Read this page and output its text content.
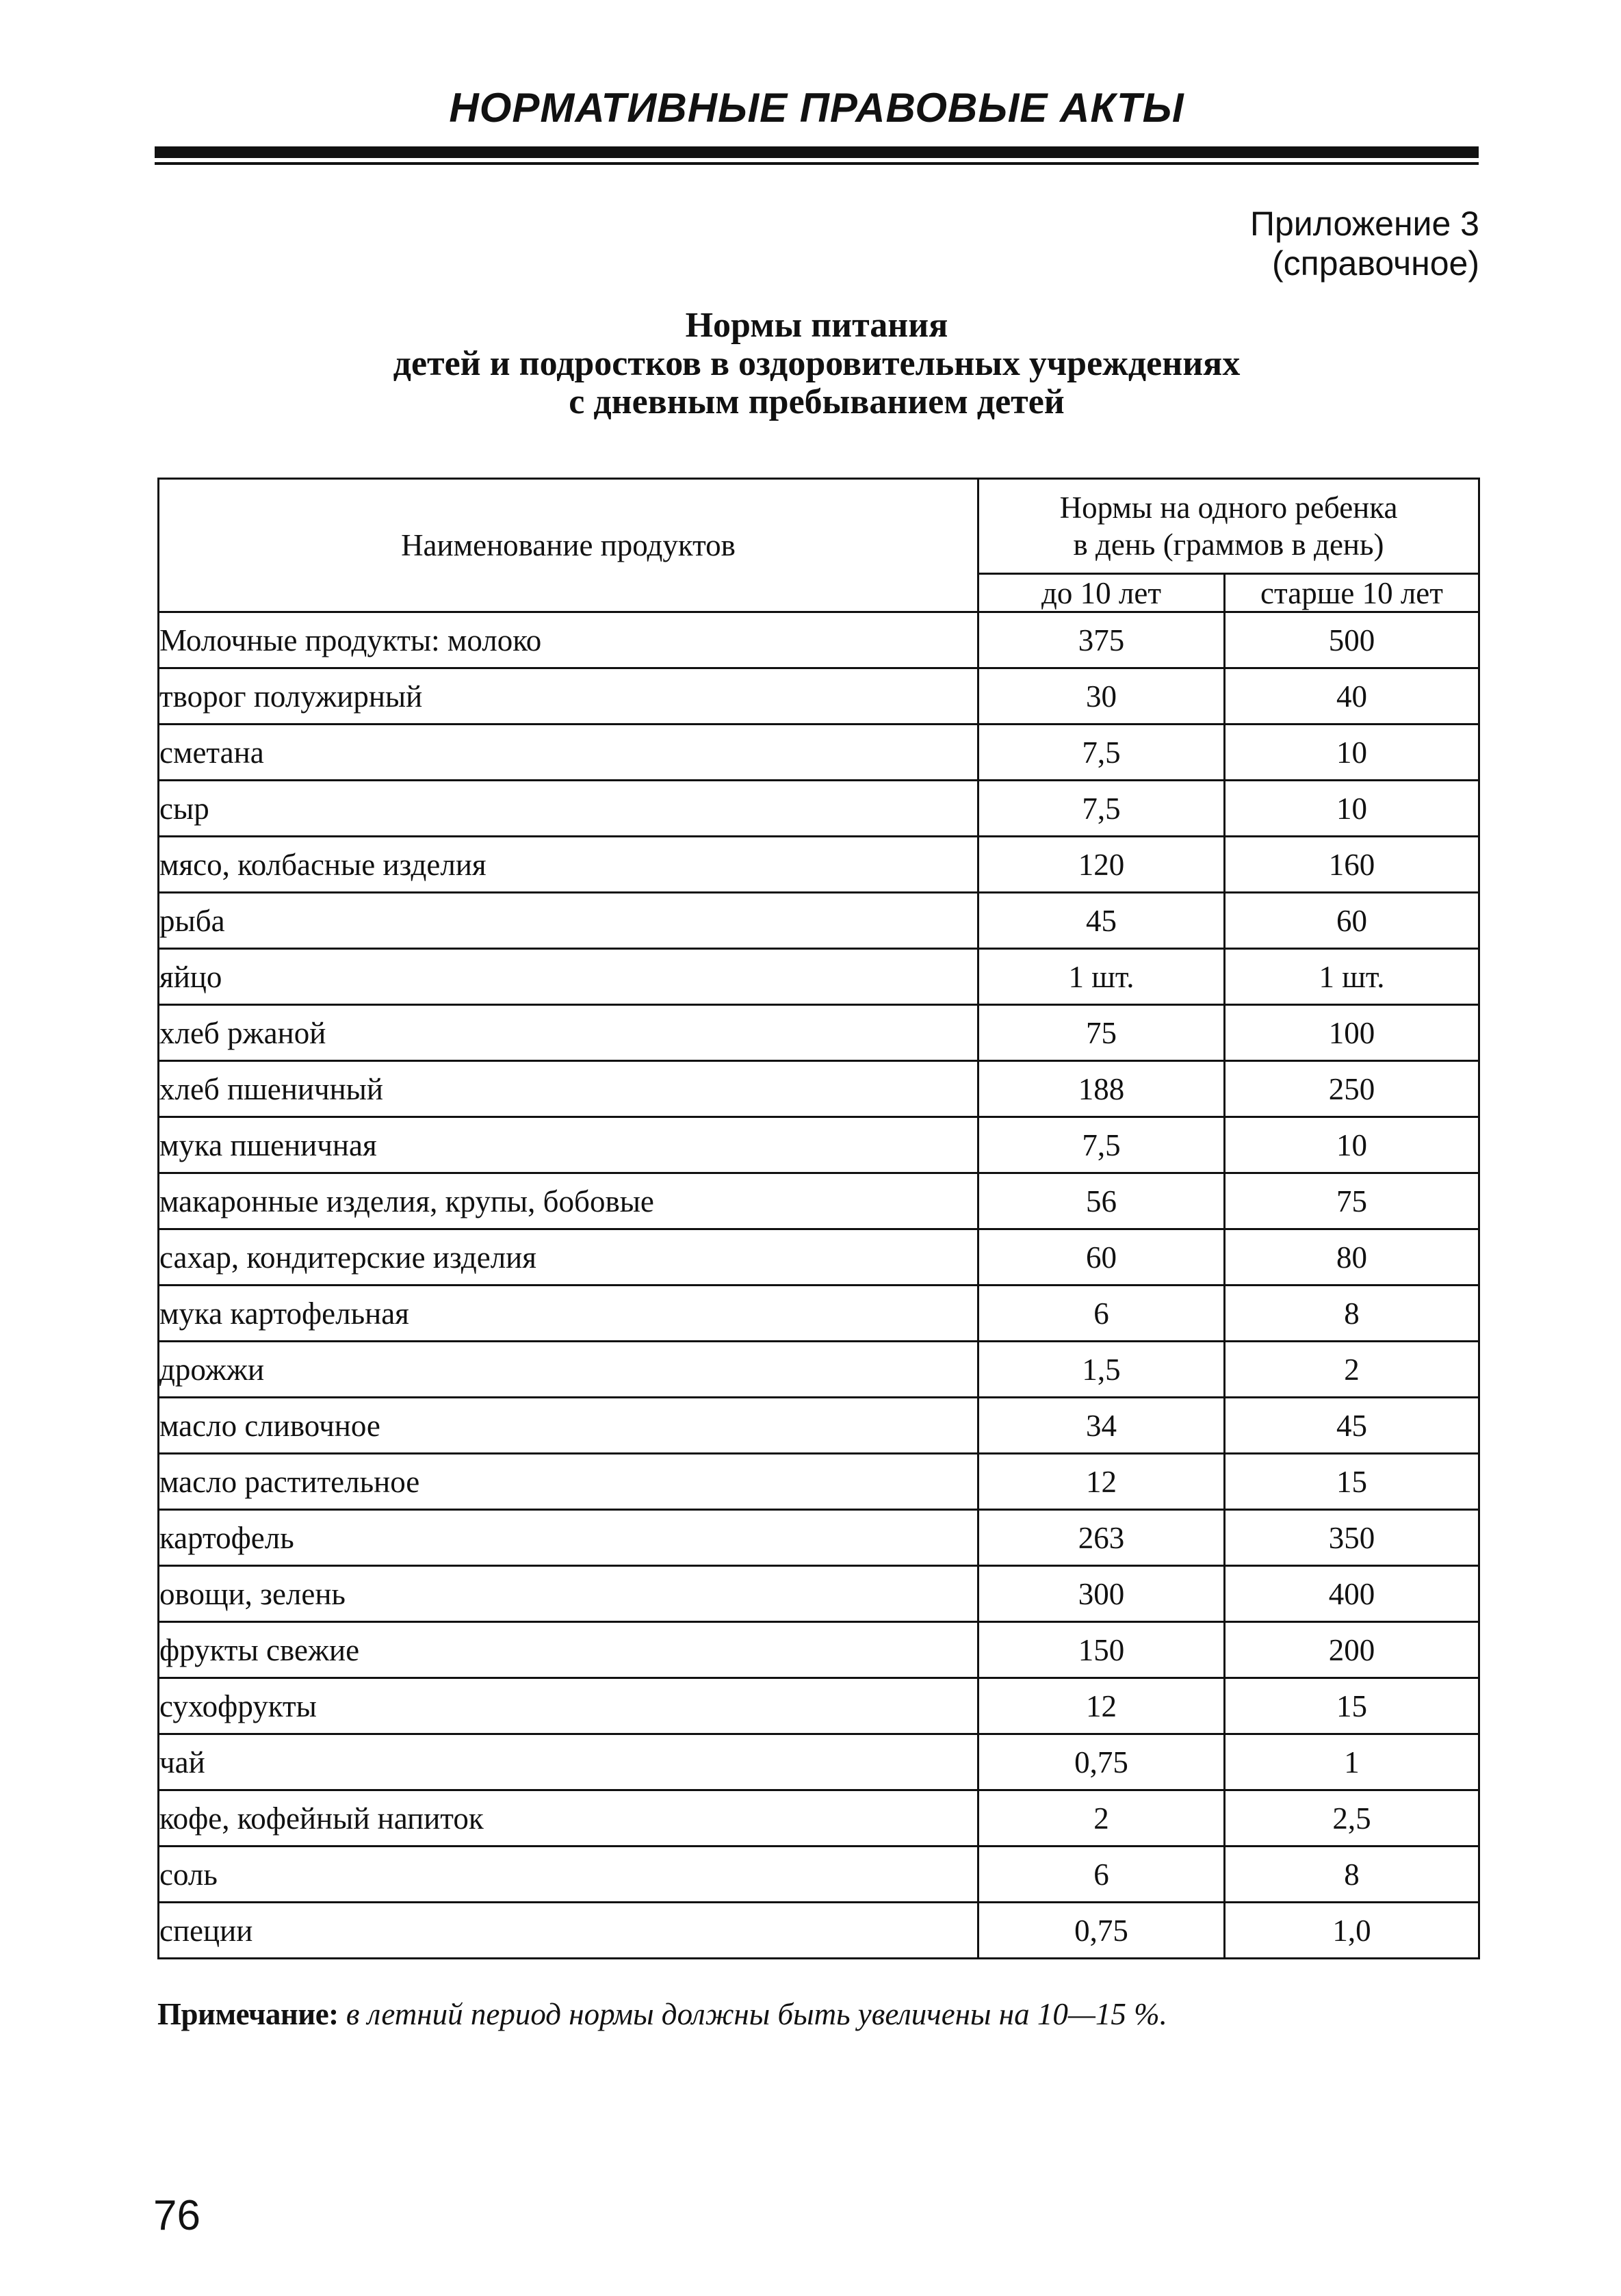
НОРМАТИВНЫЕ ПРАВОВЫЕ АКТЫ
Приложение 3
(справочное)
Нормы питания
детей и подростков в оздоровительных учреждениях
с дневным пребыванием детей
Наименование продуктов	Нормы на одного ребенка
в день (граммов в день)	

	до 10 лет	старше 10 лет
Молочные продукты: молоко	375	500
творог полужирный	30	40
сметана	7,5	10
сыр	7,5	10
мясо, колбасные изделия	120	160
рыба	45	60
яйцо	1 шт.	1 шт.
хлеб ржаной	75	100
хлеб пшеничный	188	250
мука пшеничная	7,5	10
макаронные изделия, крупы, бобовые	56	75
сахар, кондитерские изделия	60	80
мука картофельная	6	8
дрожжи	1,5	2
масло сливочное	34	45
масло растительное	12	15
картофель	263	350
овощи, зелень	300	400
фрукты свежие	150	200
сухофрукты	12	15
чай	0,75	1
кофе, кофейный напиток	2	2,5
соль	6	8
специи	0,75	1,0
Примечание: в летний период нормы должны быть увеличены на 10—15 %.
76
